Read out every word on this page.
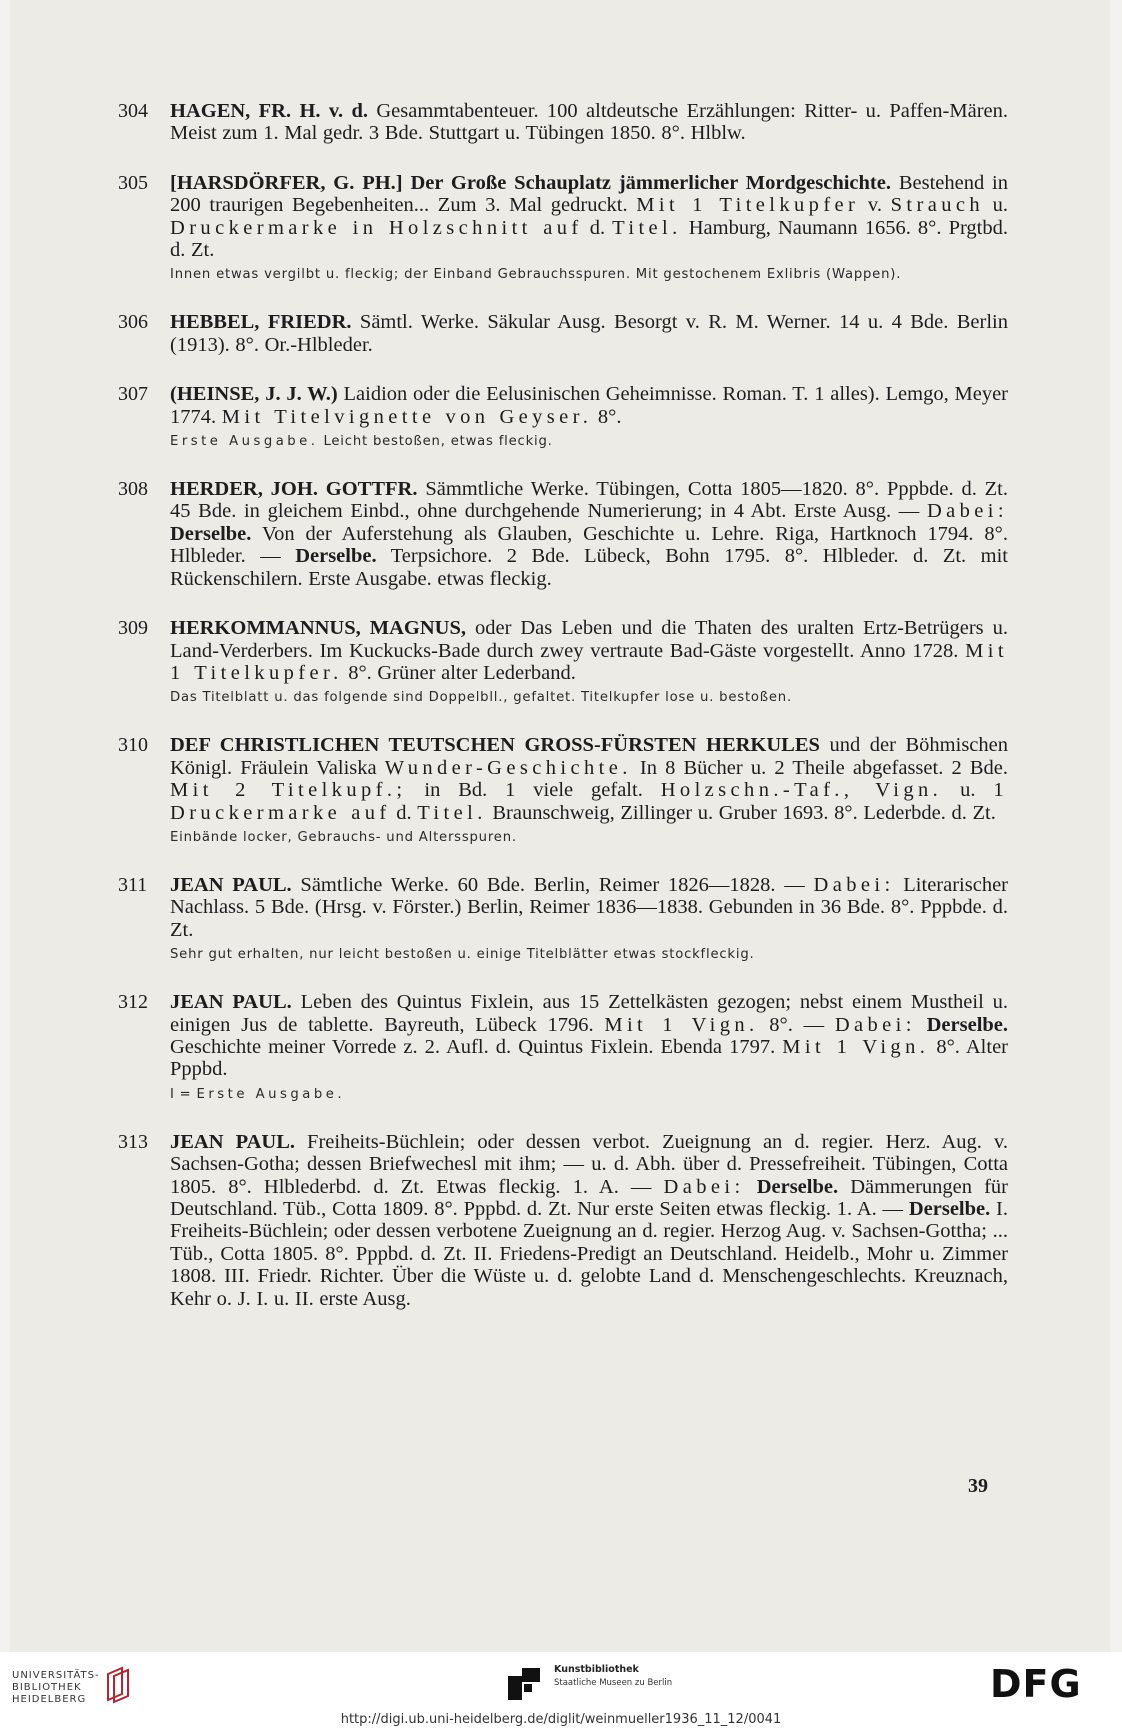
304	HAGEN, FR. H. v. d. Gesammtabenteuer. 100 altdeutsche Erzählungen: Ritter- u. Paffen-Mären. Meist zum 1. Mal gedr. 3 Bde. Stuttgart u. Tübingen 1850. 8°. Hlblw.
305	[HARSDÖRFER, G. PH.] Der Große Schauplatz jämmerlicher Mordgeschichte. Bestehend in 200 traurigen Begebenheiten... Zum 3. Mal gedruckt. Mit 1 Titelkupfer v. Strauch u. Druckermarke in Holzschnitt auf d. Titel. Hamburg, Naumann 1656. 8°. Prgtbd. d. Zt.
Innen etwas vergilbt u. fleckig; der Einband Gebrauchsspuren. Mit gestochenem Exlibris (Wappen).
306	HEBBEL, FRIEDR. Sämtl. Werke. Säkular Ausg. Besorgt v. R. M. Werner. 14 u. 4 Bde. Berlin (1913). 8°. Or.-Hlbleder.
307	(HEINSE, J. J. W.) Laidion oder die Eelusinischen Geheimnisse. Roman. T. 1 alles). Lemgo, Meyer 1774. Mit Titelvignette von Geyser. 8°.
Erste Ausgabe. Leicht bestoßen, etwas fleckig.
308	HERDER, JOH. GOTTFR. Sämmtliche Werke. Tübingen, Cotta 1805—1820. 8°. Pppbde. d. Zt. 45 Bde. in gleichem Einbd., ohne durchgehende Numerierung; in 4 Abt. Erste Ausg. — Dabei: Derselbe. Von der Auferstehung als Glauben, Geschichte u. Lehre. Riga, Hartknoch 1794. 8°. Hlbleder. — Derselbe. Terpsichore. 2 Bde. Lübeck, Bohn 1795. 8°. Hlbleder. d. Zt. mit Rückenschilern. Erste Ausgabe. etwas fleckig.
309	HERKOMMANNUS, MAGNUS, oder Das Leben und die Thaten des uralten Ertz-Betrügers u. Land-Verderbers. Im Kuckucks-Bade durch zwey vertraute Bad-Gäste vorgestellt. Anno 1728. Mit 1 Titelkupfer. 8°. Grüner alter Lederband.
Das Titelblatt u. das folgende sind Doppelbll., gefaltet. Titelkupfer lose u. bestoßen.
310	DEF CHRISTLICHEN TEUTSCHEN GROSS-FÜRSTEN HERKULES und der Böhmischen Königl. Fräulein Valiska Wunder-Geschichte. In 8 Bücher u. 2 Theile abgefasset. 2 Bde. Mit 2 Titelkupf.; in Bd. 1 viele gefalt. Holzschn.-Taf., Vign. u. 1 Druckermarke auf d. Titel. Braunschweig, Zillinger u. Gruber 1693. 8°. Lederbde. d. Zt.
Einbände locker, Gebrauchs- und Altersspuren.
311	JEAN PAUL. Sämtliche Werke. 60 Bde. Berlin, Reimer 1826—1828. — Dabei: Literarischer Nachlass. 5 Bde. (Hrsg. v. Förster.) Berlin, Reimer 1836—1838. Gebunden in 36 Bde. 8°. Pppbde. d. Zt.
Sehr gut erhalten, nur leicht bestoßen u. einige Titelblätter etwas stockfleckig.
312	JEAN PAUL. Leben des Quintus Fixlein, aus 15 Zettelkästen gezogen; nebst einem Mustheil u. einigen Jus de tablette. Bayreuth, Lübeck 1796. Mit 1 Vign. 8°. — Dabei: Derselbe. Geschichte meiner Vorrede z. 2. Aufl. d. Quintus Fixlein. Ebenda 1797. Mit 1 Vign. 8°. Alter Pppbd.
I = Erste Ausgabe.
313	JEAN PAUL. Freiheits-Büchlein; oder dessen verbot. Zueignung an d. regier. Herz. Aug. v. Sachsen-Gotha; dessen Briefwechesl mit ihm; — u. d. Abh. über d. Pressefreiheit. Tübingen, Cotta 1805. 8°. Hlblederbd. d. Zt. Etwas fleckig. 1. A. — Dabei: Derselbe. Dämmerungen für Deutschland. Tüb., Cotta 1809. 8°. Pppbd. d. Zt. Nur erste Seiten etwas fleckig. 1. A. — Derselbe. I. Freiheits-Büchlein; oder dessen verbotene Zueignung an d. regier. Herzog Aug. v. Sachsen-Gottha; ... Tüb., Cotta 1805. 8°. Pppbd. d. Zt. II. Friedens-Predigt an Deutschland. Heidelb., Mohr u. Zimmer 1808. III. Friedr. Richter. Über die Wüste u. d. gelobte Land d. Menschengeschlechts. Kreuznach, Kehr o. J. I. u. II. erste Ausg.
39
UNIVERSITÄTS-
BIBLIOTHEK
HEIDELBERG
Kunstbibliothek
Staatliche Museen zu Berlin	DFG
http://digi.ub.uni-heidelberg.de/diglit/weinmueller1936_11_12/0041
